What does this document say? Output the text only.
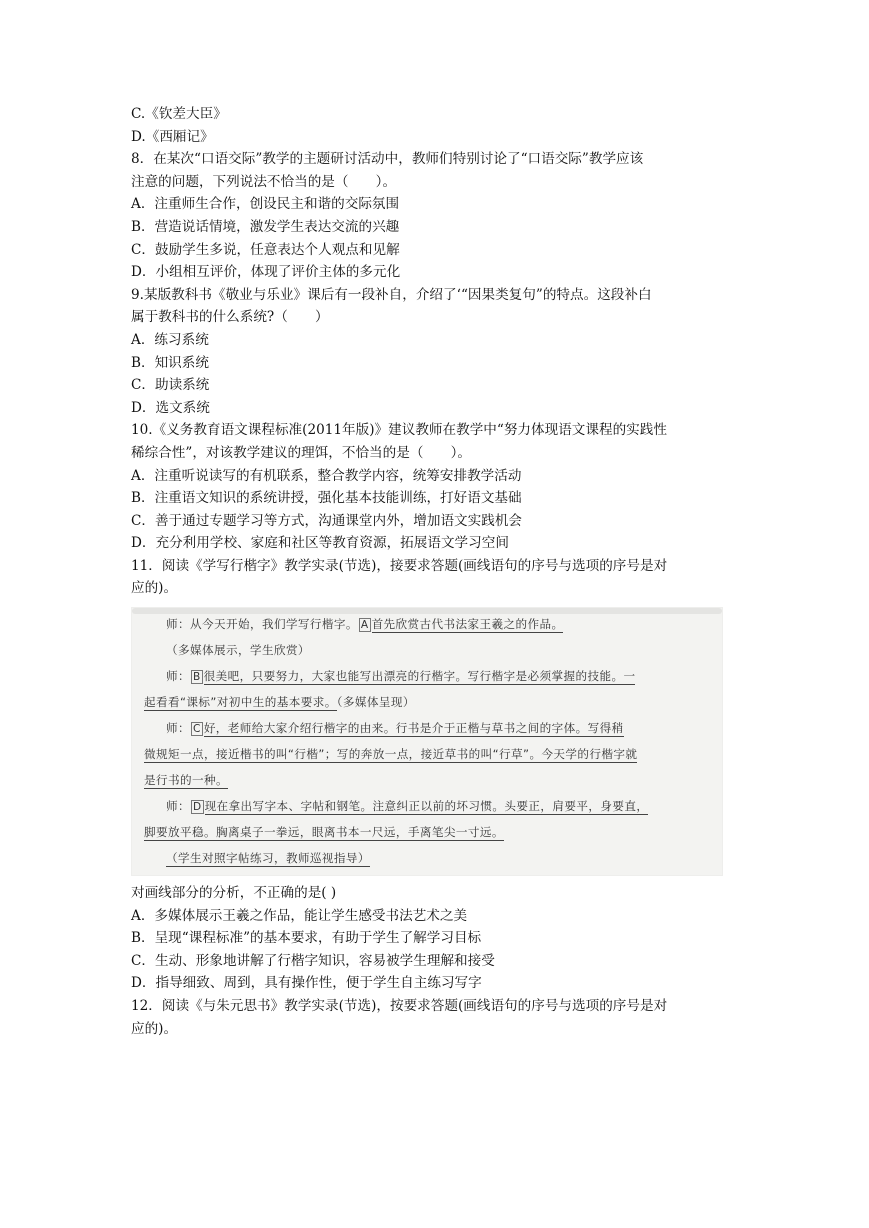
C.《钦差大臣》
D.《西厢记》
8．在某次“口语交际”教学的主题研讨活动中，教师们特别讨论了“口语交际”教学应该
注意的问题，下列说法不恰当的是（　　）。
A．注重师生合作，创设民主和谐的交际氛围
B．营造说话情境，激发学生表达交流的兴趣
C．鼓励学生多说，任意表达个人观点和见解
D．小组相互评价，体现了评价主体的多元化
9.某版教科书《敬业与乐业》课后有一段补自，介绍了‘“因果类复句”的特点。这段补白
属于教科书的什么系统?（　　）
A．练习系统
B．知识系统
C．助读系统
D．选文系统
10.《义务教育语文课程标准(2011年版)》建议教师在教学中“努力体现语文课程的实践性
稀综合性”，对该教学建议的理饵，不恰当的是（　　）。
A．注重听说读写的有机联系，整合教学内容，统筹安排教学活动
B．注重语文知识的系统讲授，强化基本技能训练，打好语文基础
C．善于通过专题学习等方式，沟通课堂内外，增加语文实践机会
D．充分利用学校、家庭和社区等教育资源，拓展语文学习空间
11．阅读《学写行楷字》教学实录(节选)，接要求答题(画线语句的序号与选项的序号是对
应的)。
师：从今天开始，我们学写行楷字。 A 首先欣赏古代书法家王羲之的作品。
（多媒体展示，学生欣赏）
师： B 很美吧，只要努力，大家也能写出漂亮的行楷字。写行楷字是必须掌握的技能。一
起看看“课标”对初中生的基本要求。（多媒体呈现）
师： C 好，老师给大家介绍行楷字的由来。行书是介于正楷与草书之间的字体。写得稍
微规矩一点，接近楷书的叫“行楷”；写的奔放一点，接近草书的叫“行草”。今天学的行楷字就
是行书的一种。
师： D 现在拿出写字本、字帖和钢笔。注意纠正以前的坏习惯。头要正，肩要平，身要直，
脚要放平稳。胸离桌子一拳远，眼离书本一尺远，手离笔尖一寸远。
（学生对照字帖练习，教师巡视指导）
对画线部分的分析，不正确的是( )
A．多媒体展示王羲之作品，能让学生感受书法艺术之美
B．呈现“课程标准”的基本要求，有助于学生了解学习目标
C．生动、形象地讲解了行楷字知识，容易被学生理解和接受
D．指导细致、周到，具有操作性，便于学生自主练习写字
12．阅读《与朱元思书》教学实录(节选)，按要求答题(画线语句的序号与选项的序号是对
应的)。
